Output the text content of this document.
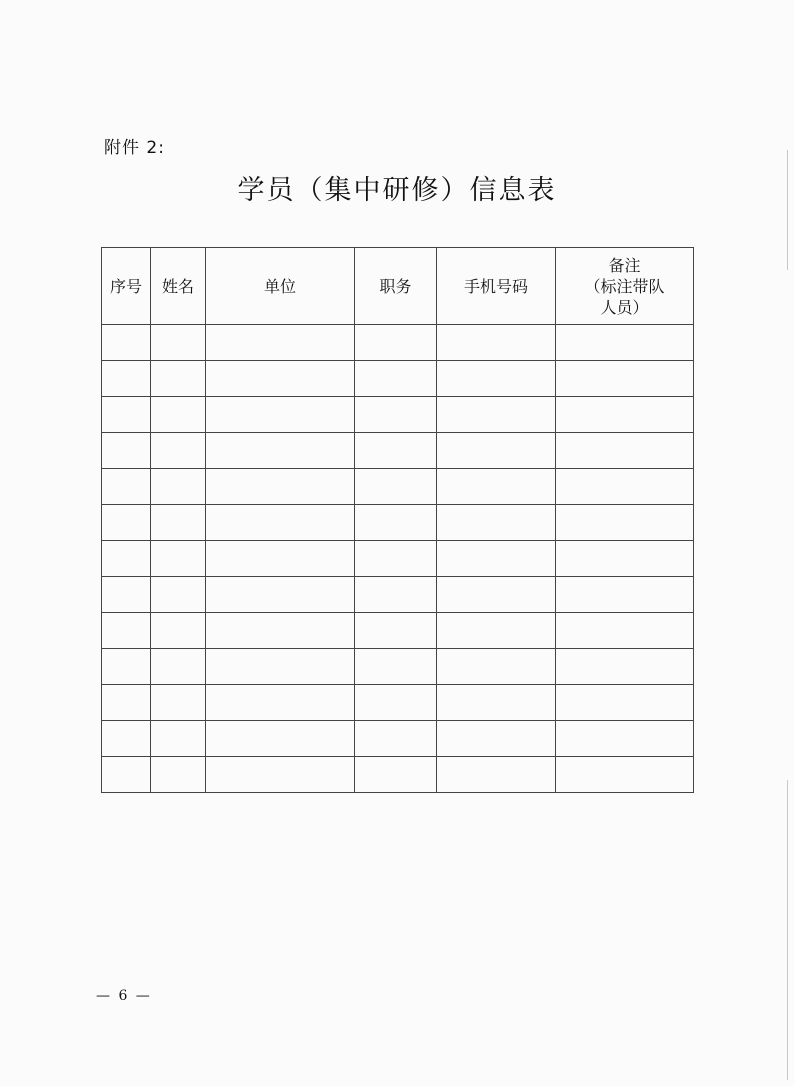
附件 2:
学员（集中研修）信息表
序号	姓名	单位	职务	手机号码	备注
（标注带队
人员）

— 6 —
